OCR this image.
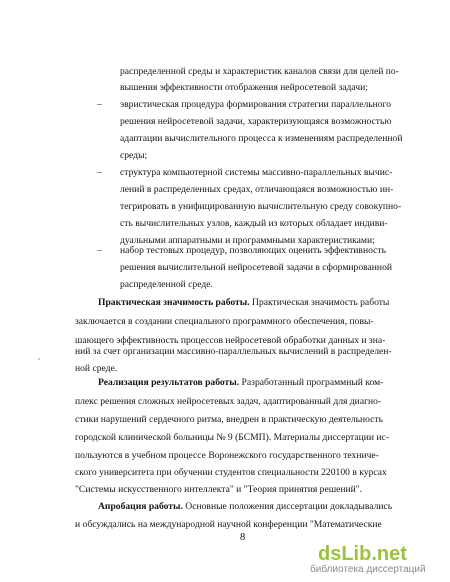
распределенной среды и характеристик каналов связи для целей по-
вышения эффективности отображения нейросетевой задачи;
– эвристическая процедура формирования стратегии параллельного
решения нейросетевой задачи, характеризующаяся возможностью
адаптации вычислительного процесса к изменениям распределенной
среды;
– структура компьютерной системы массивно-параллельных вычис-
лений в распределенных средах, отличающаяся возможностью ин-
тегрировать в унифицированную вычислительную среду совокупно-
сть вычислительных узлов, каждый из которых обладает индиви-
дуальными аппаратными и программными характеристиками;
– набор тестовых процедур, позволяющих оценить эффективность
решения вычислительной нейросетевой задачи в сформированной
распределенной среде.
Практическая значимость работы. Практическая значимость работы
заключается в создании специального программного обеспечения, повы-
шающего эффективность процессов нейросетевой обработки данных и зна-
ний за счет организации массивно-параллельных вычислений в распределен-
ной среде.
Реализация результатов работы. Разработанный программный ком-
плекс решения сложных нейросетевых задач, адаптированный для диагно-
стики нарушений сердечного ритма, внедрен в практическую деятельность
городской клинической больницы № 9 (БСМП). Материалы диссертации ис-
пользуются в учебном процессе Воронежского государственного техниче-
ского университета при обучении студентов специальности 220100 в курсах
"Системы искусственного интеллекта" и "Теория принятия решений".
Апробация работы. Основные положения диссертации докладывались
и обсуждались на международной научной конференции "Математические
8
dsLib.net
библиотека диссертаций
